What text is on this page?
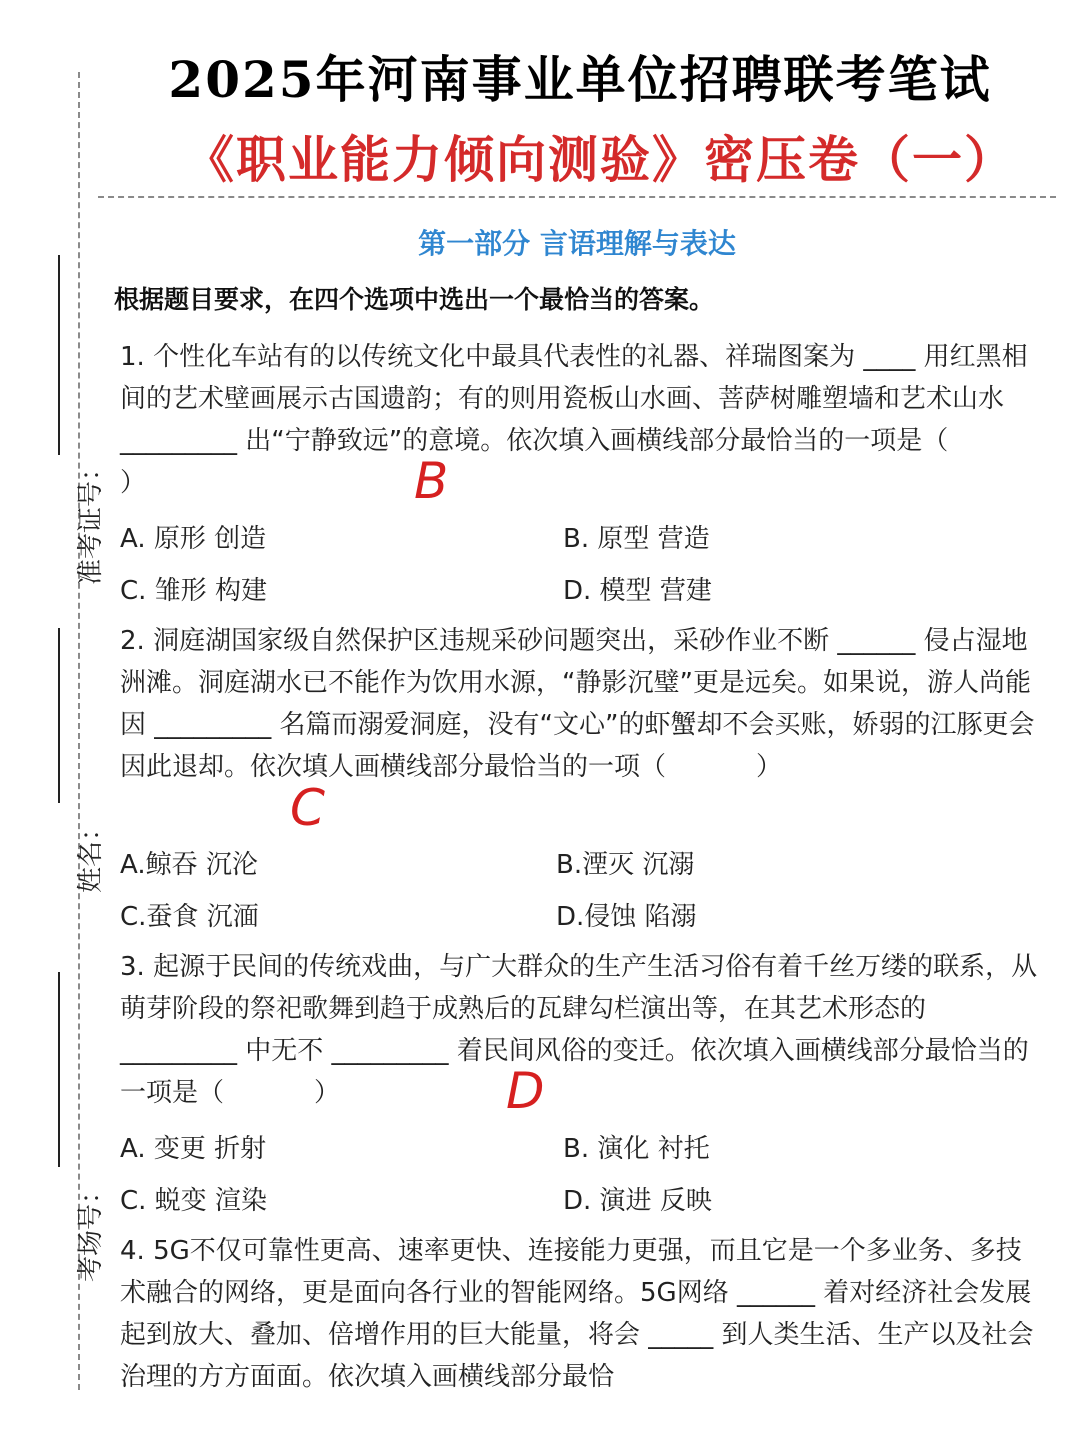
2025年河南事业单位招聘联考笔试
《职业能力倾向测验》密压卷（一）
准考证号：
姓名：
考场号：
第一部分 言语理解与表达
根据题目要求，在四个选项中选出一个最恰当的答案。
1. 个性化车站有的以传统文化中最具代表性的礼器、祥瑞图案为 ____ 用红黑相间的艺术壁画展示古国遗韵；有的则用瓷板山水画、菩萨树雕塑墙和艺术山水 _________ 出“宁静致远”的意境。依次填入画横线部分最恰当的一项是（）	B
A. 原形 创造	B. 原型 营造
C. 雏形 构建	D. 模型 营建
2. 洞庭湖国家级自然保护区违规采砂问题突出，采砂作业不断 ______ 侵占湿地洲滩。洞庭湖水已不能作为饮用水源，“静影沉璧”更是远矣。如果说，游人尚能因 _________ 名篇而溺爱洞庭，没有“文心”的虾蟹却不会买账，娇弱的江豚更会因此退却。依次填人画横线部分最恰当的一项（	）
C
A.鲸吞 沉沦	B.湮灭 沉溺
C.蚕食 沉湎	D.侵蚀 陷溺
3. 起源于民间的传统戏曲，与广大群众的生产生活习俗有着千丝万缕的联系，从萌芽阶段的祭祀歌舞到趋于成熟后的瓦肆勾栏演出等，在其艺术形态的 _________ 中无不 _________ 着民间风俗的变迁。依次填入画横线部分最恰当的一项是（	）	D
A. 变更 折射	B. 演化 衬托
C. 蜕变 渲染	D. 演进 反映
4. 5G不仅可靠性更高、速率更快、连接能力更强，而且它是一个多业务、多技术融合的网络，更是面向各行业的智能网络。5G网络 ______ 着对经济社会发展起到放大、叠加、倍增作用的巨大能量，将会 _____ 到人类生活、生产以及社会治理的方方面面。依次填入画横线部分最恰
